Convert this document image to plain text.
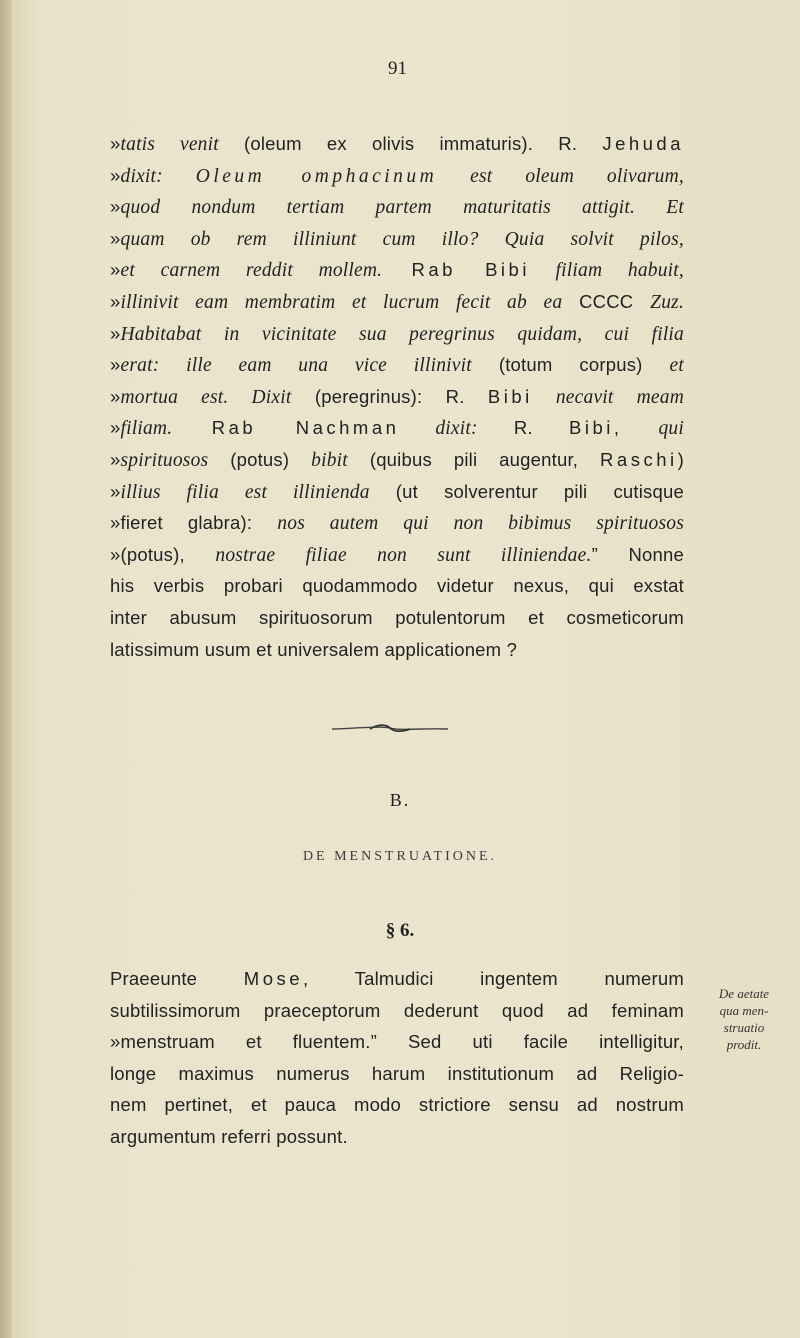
91
»tatis venit (oleum ex olivis immaturis). R. Jehuda
»dixit: Oleum omphacinum est oleum olivarum,
»quod nondum tertiam partem maturitatis attigit. Et
»quam ob rem illiniunt cum illo? Quia solvit pilos,
»et carnem reddit mollem. Rab Bibi filiam habuit,
»illinivit eam membratim et lucrum fecit ab ea CCCC Zuz.
»Habitabat in vicinitate sua peregrinus quidam, cui filia
»erat: ille eam una vice illinivit (totum corpus) et
»mortua est. Dixit (peregrinus): R. Bibi necavit meam
»filiam. Rab Nachman dixit: R. Bibi, qui
»spirituosos (potus) bibit (quibus pili augentur, Raschi)
»illius filia est illinienda (ut solverentur pili cutisque
»fieret glabra): nos autem qui non bibimus spirituosos
»(potus), nostrae filiae non sunt illiniendae.” Nonne
his verbis probari quodammodo videtur nexus, qui exstat
inter abusum spirituosorum potulentorum et cosmeticorum
latissimum usum et universalem applicationem ?
B.
DE MENSTRUATIONE.
§ 6.
Praeeunte Mose, Talmudici ingentem numerum
subtilissimorum praeceptorum dederunt quod ad feminam
»menstruam et fluentem.” Sed uti facile intelligitur,
longe maximus numerus harum institutionum ad Religio-
nem pertinet, et pauca modo strictiore sensu ad nostrum
argumentum referri possunt.
De aetate
qua men-
struatio
prodit.
